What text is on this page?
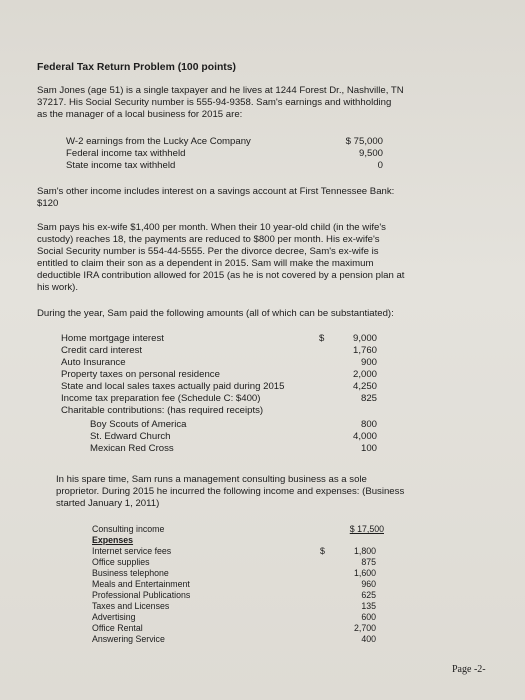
Federal Tax Return Problem (100 points)
Sam Jones (age 51) is a single taxpayer and he lives at 1244 Forest Dr., Nashville, TN
37217. His Social Security number is 555-94-9358. Sam's earnings and withholding
as the manager of a local business for 2015 are:
W-2 earnings from the Lucky Ace Company	$ 75,000
Federal income tax withheld	9,500
State income tax withheld	0
Sam's other income includes interest on a savings account at First Tennessee Bank:
$120
Sam pays his ex-wife $1,400 per month. When their 10 year-old child (in the wife's
custody) reaches 18, the payments are reduced to $800 per month. His ex-wife's
Social Security number is 554-44-5555. Per the divorce decree, Sam's ex-wife is
entitled to claim their son as a dependent in 2015. Sam will make the maximum
deductible IRA contribution allowed for 2015 (as he is not covered by a pension plan at
his work).
During the year, Sam paid the following amounts (all of which can be substantiated):
$
Home mortgage interest	9,000
Credit card interest	1,760
Auto Insurance	900
Property taxes on personal residence	2,000
State and local sales taxes actually paid during 2015	4,250
Income tax preparation fee (Schedule C: $400)	825
Charitable contributions: (has required receipts)
Boy Scouts of America	800
St. Edward Church	4,000
Mexican Red Cross	100
In his spare time, Sam runs a management consulting business as a sole
proprietor. During 2015 he incurred the following income and expenses: (Business
started January 1, 2011)
Consulting income	$ 17,500
Expenses
$
Internet service fees	1,800
Office supplies	875
Business telephone	1,600
Meals and Entertainment	960
Professional Publications	625
Taxes and Licenses	135
Advertising	600
Office Rental	2,700
Answering Service	400
Page -2-
